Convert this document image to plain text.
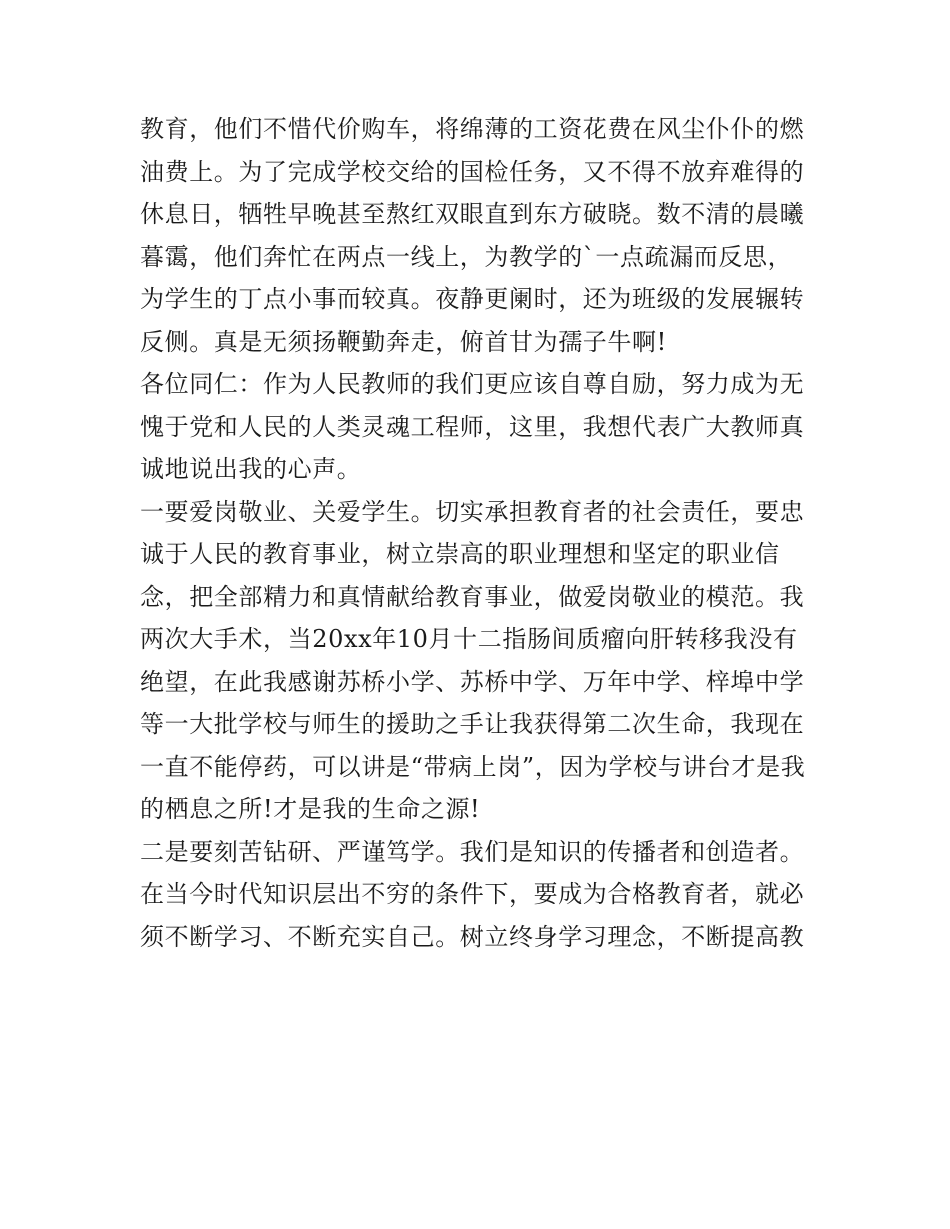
教育，他们不惜代价购车，将绵薄的工资花费在风尘仆仆的燃
油费上。为了完成学校交给的国检任务，又不得不放弃难得的
休息日，牺牲早晚甚至熬红双眼直到东方破晓。数不清的晨曦
暮霭，他们奔忙在两点一线上，为教学的`一点疏漏而反思，
为学生的丁点小事而较真。夜静更阑时，还为班级的发展辗转
反侧。真是无须扬鞭勤奔走，俯首甘为孺子牛啊!
各位同仁：作为人民教师的我们更应该自尊自励，努力成为无
愧于党和人民的人类灵魂工程师，这里，我想代表广大教师真
诚地说出我的心声。
一要爱岗敬业、关爱学生。切实承担教育者的社会责任，要忠
诚于人民的教育事业，树立崇高的职业理想和坚定的职业信
念，把全部精力和真情献给教育事业，做爱岗敬业的模范。我
两次大手术，当20xx年10月十二指肠间质瘤向肝转移我没有
绝望，在此我感谢苏桥小学、苏桥中学、万年中学、梓埠中学
等一大批学校与师生的援助之手让我获得第二次生命，我现在
一直不能停药，可以讲是“带病上岗”，因为学校与讲台才是我
的栖息之所!才是我的生命之源!
二是要刻苦钻研、严谨笃学。我们是知识的传播者和创造者。
在当今时代知识层出不穷的条件下，要成为合格教育者，就必
须不断学习、不断充实自己。树立终身学习理念，不断提高教
